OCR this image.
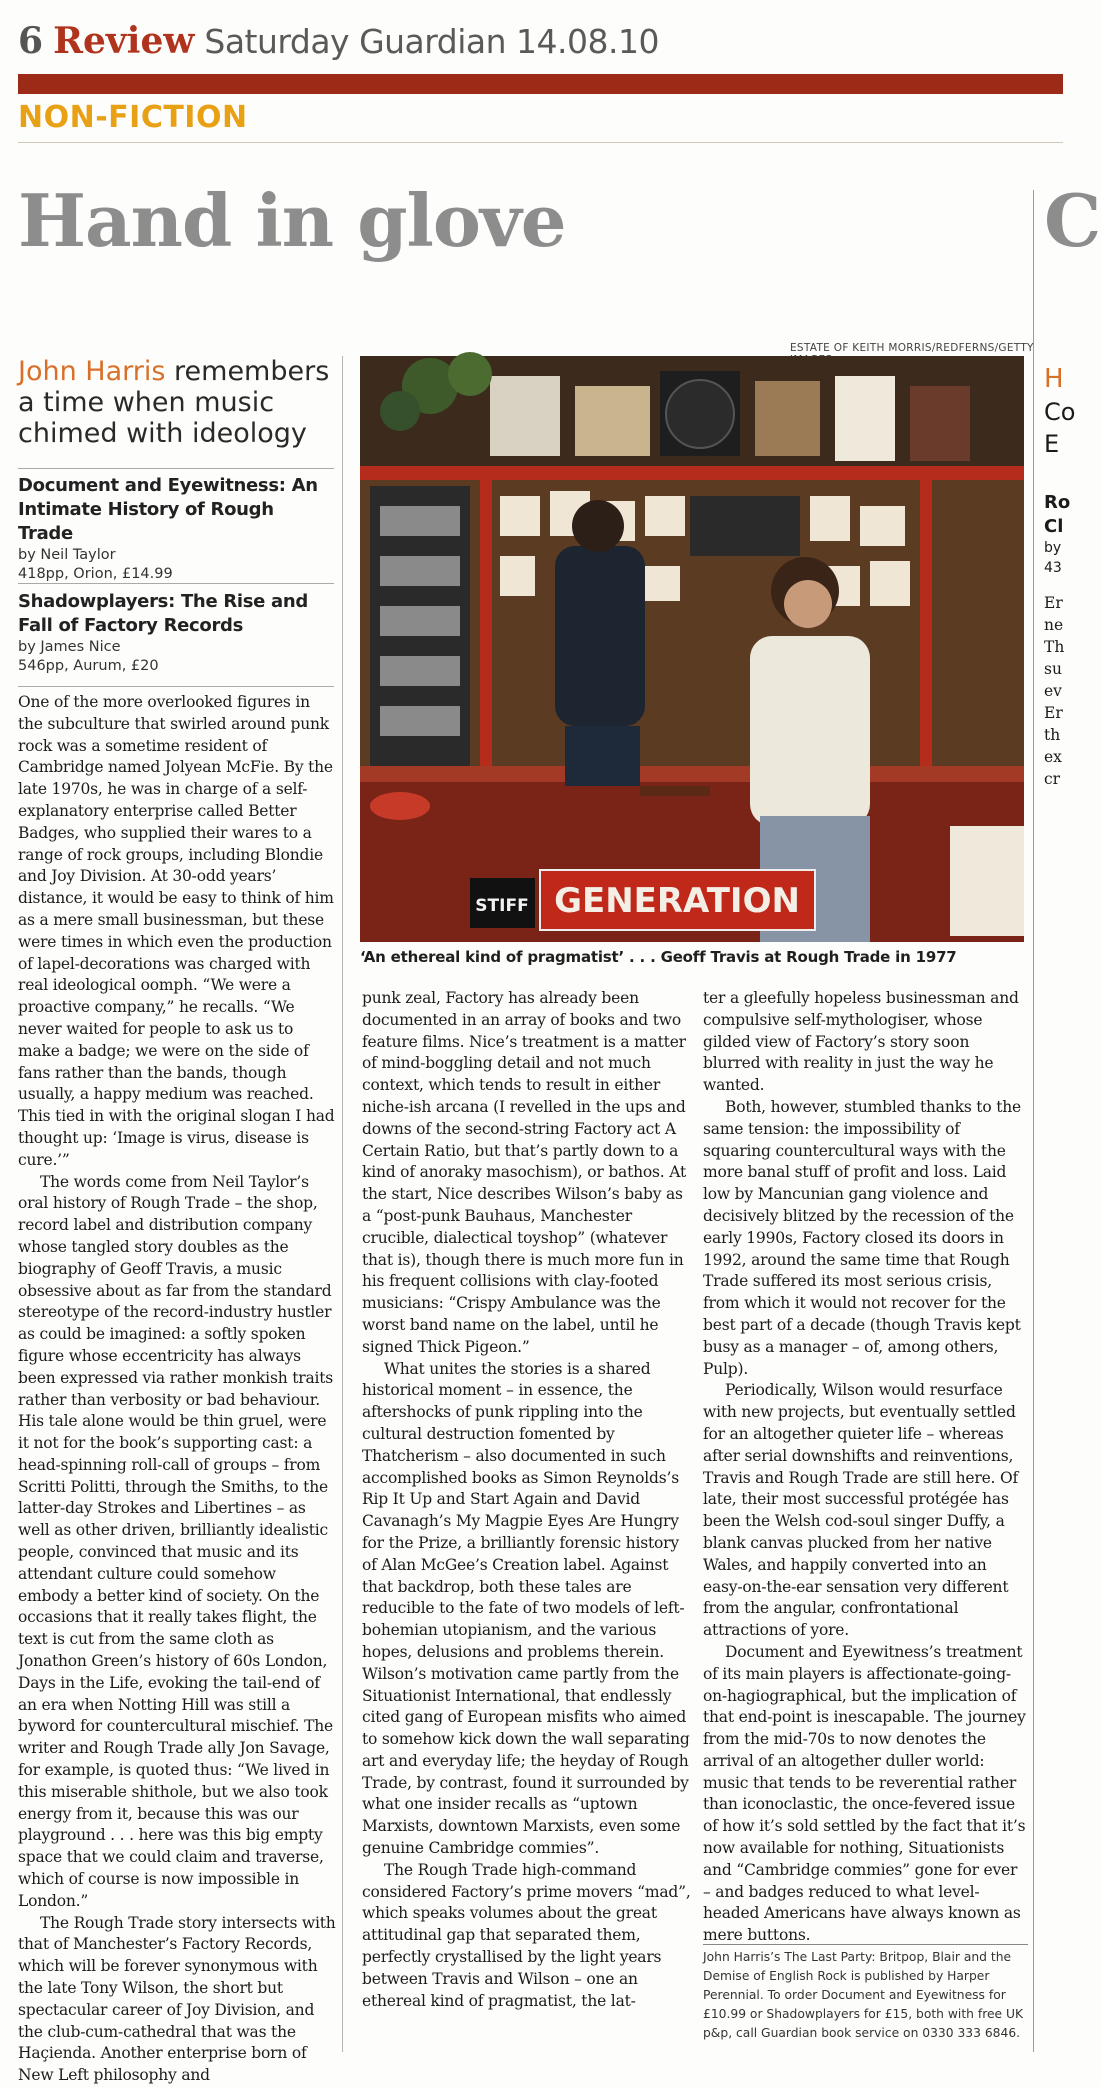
6 Review Saturday Guardian 14.08.10
NON-FICTION
Hand in glove	C
John Harris remembers a time when music chimed with ideology
Document and Eyewitness: An Intimate History of Rough Trade
by Neil Taylor
418pp, Orion, £14.99
Shadowplayers: The Rise and Fall of Factory Records
by James Nice
546pp, Aurum, £20

One of the more overlooked figures in the subculture that swirled around punk rock was a sometime resident of Cambridge named Jolyean McFie. By the late 1970s, he was in charge of a self-explanatory enterprise called Better Badges, who supplied their wares to a range of rock groups, including Blondie and Joy Division. At 30-odd years’ distance, it would be easy to think of him as a mere small businessman, but these were times in which even the production of lapel-decorations was charged with real ideological oomph. “We were a proactive company,” he recalls. “We never waited for people to ask us to make a badge; we were on the side of fans rather than the bands, though usually, a happy medium was reached. This tied in with the original slogan I had thought up: ‘Image is virus, disease is cure.’”

The words come from Neil Taylor’s oral history of Rough Trade – the shop, record label and distribution company whose tangled story doubles as the biography of Geoff Travis, a music obsessive about as far from the standard stereotype of the record-industry hustler as could be imagined: a softly spoken figure whose eccentricity has always been expressed via rather monkish traits rather than verbosity or bad behaviour. His tale alone would be thin gruel, were it not for the book’s supporting cast: a head-spinning roll-call of groups – from Scritti Politti, through the Smiths, to the latter-day Strokes and Libertines – as well as other driven, brilliantly idealistic people, convinced that music and its attendant culture could somehow embody a better kind of society. On the occasions that it really takes flight, the text is cut from the same cloth as Jonathon Green’s history of 60s London, Days in the Life, evoking the tail-end of an era when Notting Hill was still a byword for countercultural mischief. The writer and Rough Trade ally Jon Savage, for example, is quoted thus: “We lived in this miserable shithole, but we also took energy from it, because this was our playground . . . here was this big empty space that we could claim and traverse, which of course is now impossible in London.”

The Rough Trade story intersects with that of Manchester’s Factory Records, which will be forever synonymous with the late Tony Wilson, the short but spectacular career of Joy Division, and the club-cum-cathedral that was the Haçienda. Another enterprise born of New Left philosophy and

ESTATE OF KEITH MORRIS/REDFERNS/GETTY
GENERATION
STIFF
‘An ethereal kind of pragmatist’ . . . Geoff Travis at Rough Trade in 1977

punk zeal, Factory has already been documented in an array of books and two feature films. Nice’s treatment is a matter of mind-boggling detail and not much context, which tends to result in either niche-ish arcana (I revelled in the ups and downs of the second-string Factory act A Certain Ratio, but that’s partly down to a kind of anoraky masochism), or bathos. At the start, Nice describes Wilson’s baby as a “post-punk Bauhaus, Manchester crucible, dialectical toyshop” (whatever that is), though there is much more fun in his frequent collisions with clay-footed musicians: “Crispy Ambulance was the worst band name on the label, until he signed Thick Pigeon.”

What unites the stories is a shared historical moment – in essence, the aftershocks of punk rippling into the cultural destruction fomented by Thatcherism – also documented in such accomplished books as Simon Reynolds’s Rip It Up and Start Again and David Cavanagh’s My Magpie Eyes Are Hungry for the Prize, a brilliantly forensic history of Alan McGee’s Creation label. Against that backdrop, both these tales are reducible to the fate of two models of left-bohemian utopianism, and the various hopes, delusions and problems therein. Wilson’s motivation came partly from the Situationist International, that endlessly cited gang of European misfits who aimed to somehow kick down the wall separating art and everyday life; the heyday of Rough Trade, by contrast, found it surrounded by what one insider recalls as “uptown Marxists, downtown Marxists, even some genuine Cambridge commies”.

The Rough Trade high-command considered Factory’s prime movers “mad”, which speaks volumes about the great attitudinal gap that separated them, perfectly crystallised by the light years between Travis and Wilson – one an ethereal kind of pragmatist, the lat-

ter a gleefully hopeless businessman and compulsive self-mythologiser, whose gilded view of Factory’s story soon blurred with reality in just the way he wanted.

Both, however, stumbled thanks to the same tension: the impossibility of squaring countercultural ways with the more banal stuff of profit and loss. Laid low by Mancunian gang violence and decisively blitzed by the recession of the early 1990s, Factory closed its doors in 1992, around the same time that Rough Trade suffered its most serious crisis, from which it would not recover for the best part of a decade (though Travis kept busy as a manager – of, among others, Pulp).

Periodically, Wilson would resurface with new projects, but eventually settled for an altogether quieter life – whereas after serial downshifts and reinventions, Travis and Rough Trade are still here. Of late, their most successful protégée has been the Welsh cod-soul singer Duffy, a blank canvas plucked from her native Wales, and happily converted into an easy-on-the-ear sensation very different from the angular, confrontational attractions of yore.

Document and Eyewitness’s treatment of its main players is affectionate-going-on-hagiographical, but the implication of that end-point is inescapable. The journey from the mid-70s to now denotes the arrival of an altogether duller world: music that tends to be reverential rather than iconoclastic, the once-fevered issue of how it’s sold settled by the fact that it’s now available for nothing, Situationists and “Cambridge commies” gone for ever – and badges reduced to what level-headed Americans have always known as mere buttons.

John Harris’s The Last Party: Britpop, Blair and the Demise of English Rock is published by Harper Perennial. To order Document and Eyewitness for £10.99 or Shadowplayers for £15, both with free UK p&p, call Guardian book service on 0330 333 6846.
H
Co
E
Ro
Cl
by
43
Er
ne
Th
su
ev
Er
th
ex
cr
